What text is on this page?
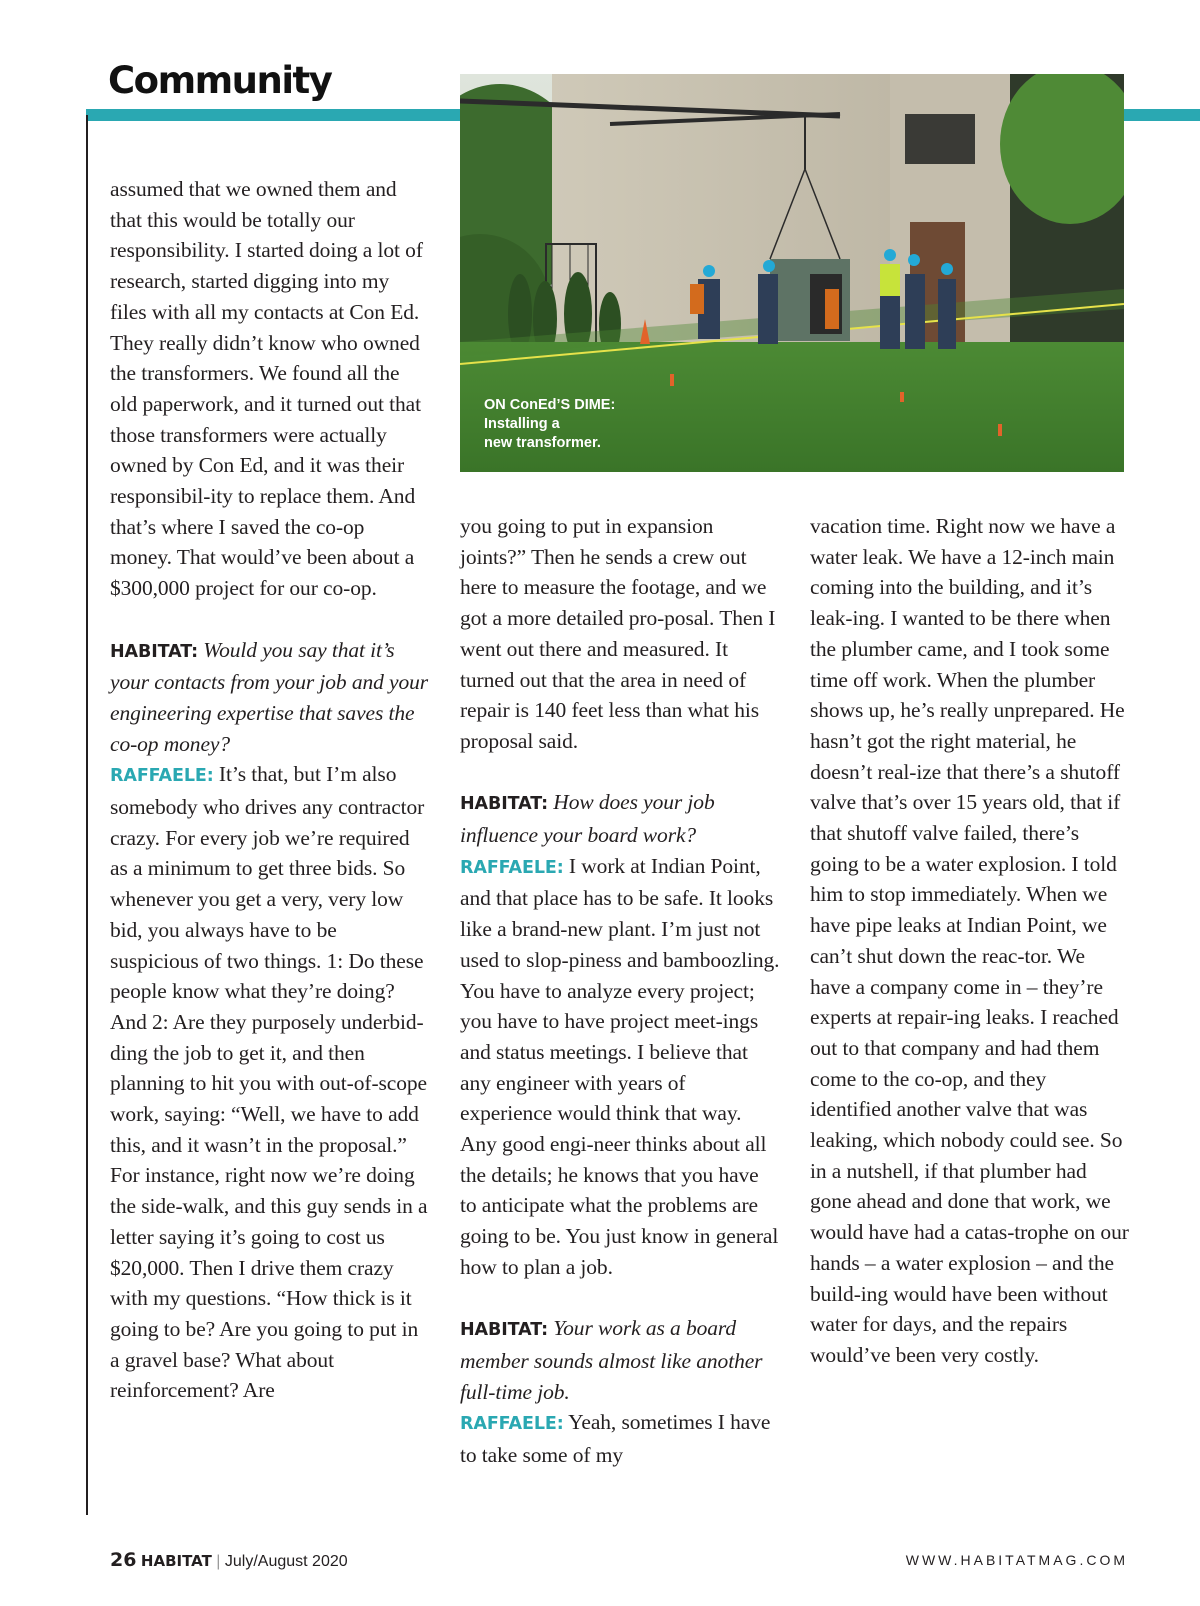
Community
ON ConEd’S DIME:
Installing a
new transformer.

assumed that we owned them and that this would be totally our responsibility. I started doing a lot of research, started digging into my files with all my contacts at Con Ed. They really didn’t know who owned the transformers. We found all the old paperwork, and it turned out that those transformers were actually owned by Con Ed, and it was their responsibil-ity to replace them. And that’s where I saved the co-op money. That would’ve been about a $300,000 project for our co-op.

HABITAT: Would you say that it’s your contacts from your job and your engineering expertise that saves the co-op money?

RAFFAELE: It’s that, but I’m also somebody who drives any contractor crazy. For every job we’re required as a minimum to get three bids. So whenever you get a very, very low bid, you always have to be suspicious of two things. 1: Do these people know what they’re doing? And 2: Are they purposely underbid-ding the job to get it, and then planning to hit you with out-of-scope work, saying: “Well, we have to add this, and it wasn’t in the proposal.” For instance, right now we’re doing the side-walk, and this guy sends in a letter saying it’s going to cost us $20,000. Then I drive them crazy with my questions. “How thick is it going to be? Are you going to put in a gravel base? What about reinforcement? Are

you going to put in expansion joints?” Then he sends a crew out here to measure the footage, and we got a more detailed pro-posal. Then I went out there and measured. It turned out that the area in need of repair is 140 feet less than what his proposal said.

HABITAT: How does your job influence your board work?

RAFFAELE: I work at Indian Point, and that place has to be safe. It looks like a brand-new plant. I’m just not used to slop-piness and bamboozling. You have to analyze every project; you have to have project meet-ings and status meetings. I believe that any engineer with years of experience would think that way. Any good engi-neer thinks about all the details; he knows that you have to anticipate what the problems are going to be. You just know in general how to plan a job.

HABITAT: Your work as a board member sounds almost like another full-time job.

RAFFAELE: Yeah, sometimes I have to take some of my

vacation time. Right now we have a water leak. We have a 12-inch main coming into the building, and it’s leak-ing. I wanted to be there when the plumber came, and I took some time off work. When the plumber shows up, he’s really unprepared. He hasn’t got the right material, he doesn’t real-ize that there’s a shutoff valve that’s over 15 years old, that if that shutoff valve failed, there’s going to be a water explosion. I told him to stop immediately. When we have pipe leaks at Indian Point, we can’t shut down the reac-tor. We have a company come in – they’re experts at repair-ing leaks. I reached out to that company and had them come to the co-op, and they identified another valve that was leaking, which nobody could see. So in a nutshell, if that plumber had gone ahead and done that work, we would have had a catas-trophe on our hands – a water explosion – and the build-ing would have been without water for days, and the repairs would’ve been very costly.

26 HABITAT | July/August 2020	WWW.HABITATMAG.COM
